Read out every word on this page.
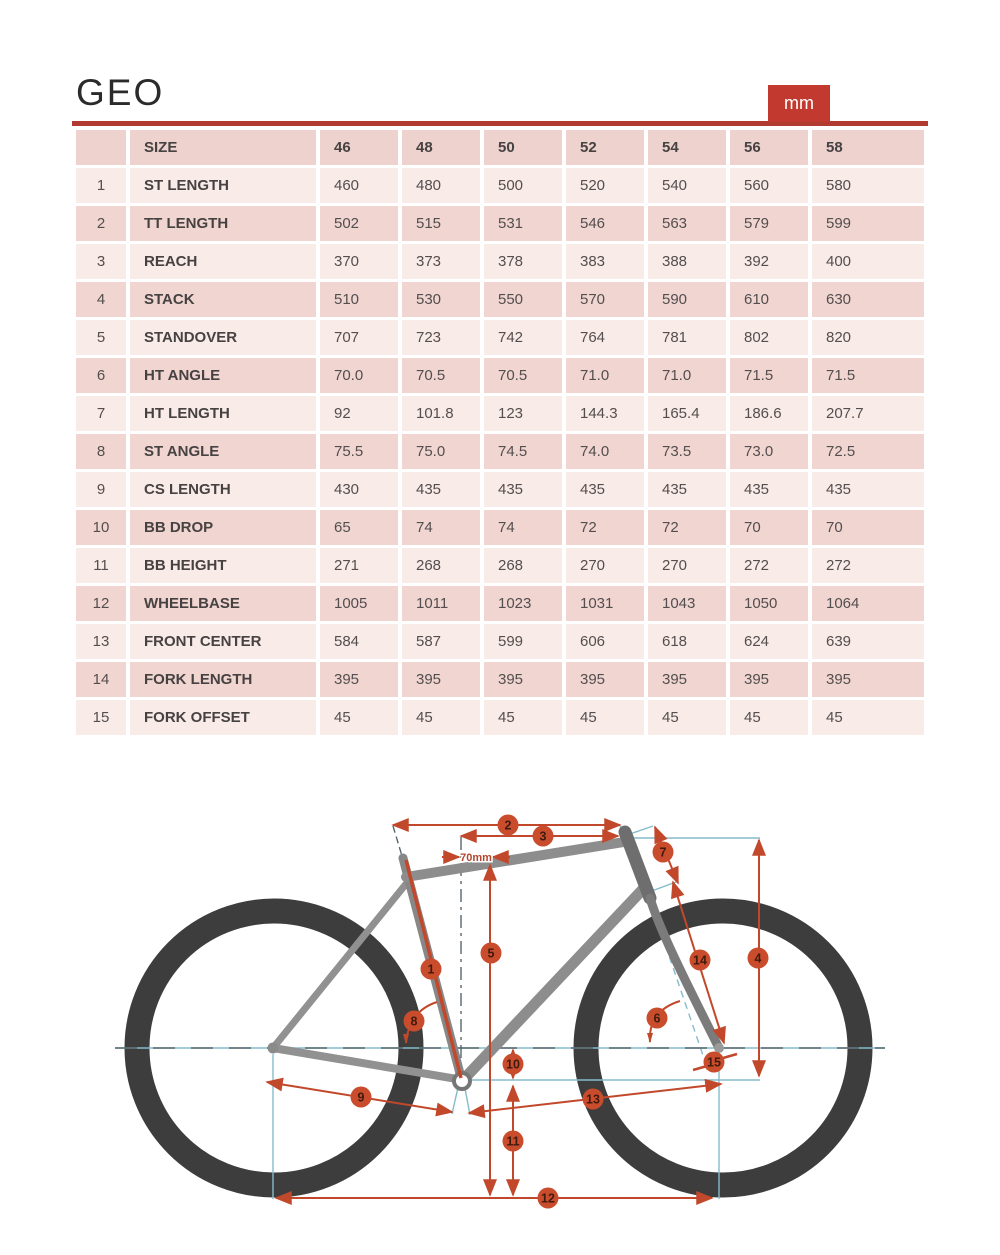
GEO	mm
	SIZE	46	48	50	52	54	56	58
1	ST LENGTH	460	480	500	520	540	560	580
2	TT LENGTH	502	515	531	546	563	579	599
3	REACH	370	373	378	383	388	392	400
4	STACK	510	530	550	570	590	610	630
5	STANDOVER	707	723	742	764	781	802	820
6	HT ANGLE	70.0	70.5	70.5	71.0	71.0	71.5	71.5
7	HT LENGTH	92	101.8	123	144.3	165.4	186.6	207.7
8	ST ANGLE	75.5	75.0	74.5	74.0	73.5	73.0	72.5
9	CS LENGTH	430	435	435	435	435	435	435
10	BB DROP	65	74	74	72	72	70	70
11	BB HEIGHT	271	268	268	270	270	272	272
12	WHEELBASE	1005	1011	1023	1031	1043	1050	1064
13	FRONT CENTER	584	587	599	606	618	624	639
14	FORK LENGTH	395	395	395	395	395	395	395
15	FORK OFFSET	45	45	45	45	45	45	45
70mm
1
2
3
4
5
6
7
8
9
10
11
12
13
14
15
